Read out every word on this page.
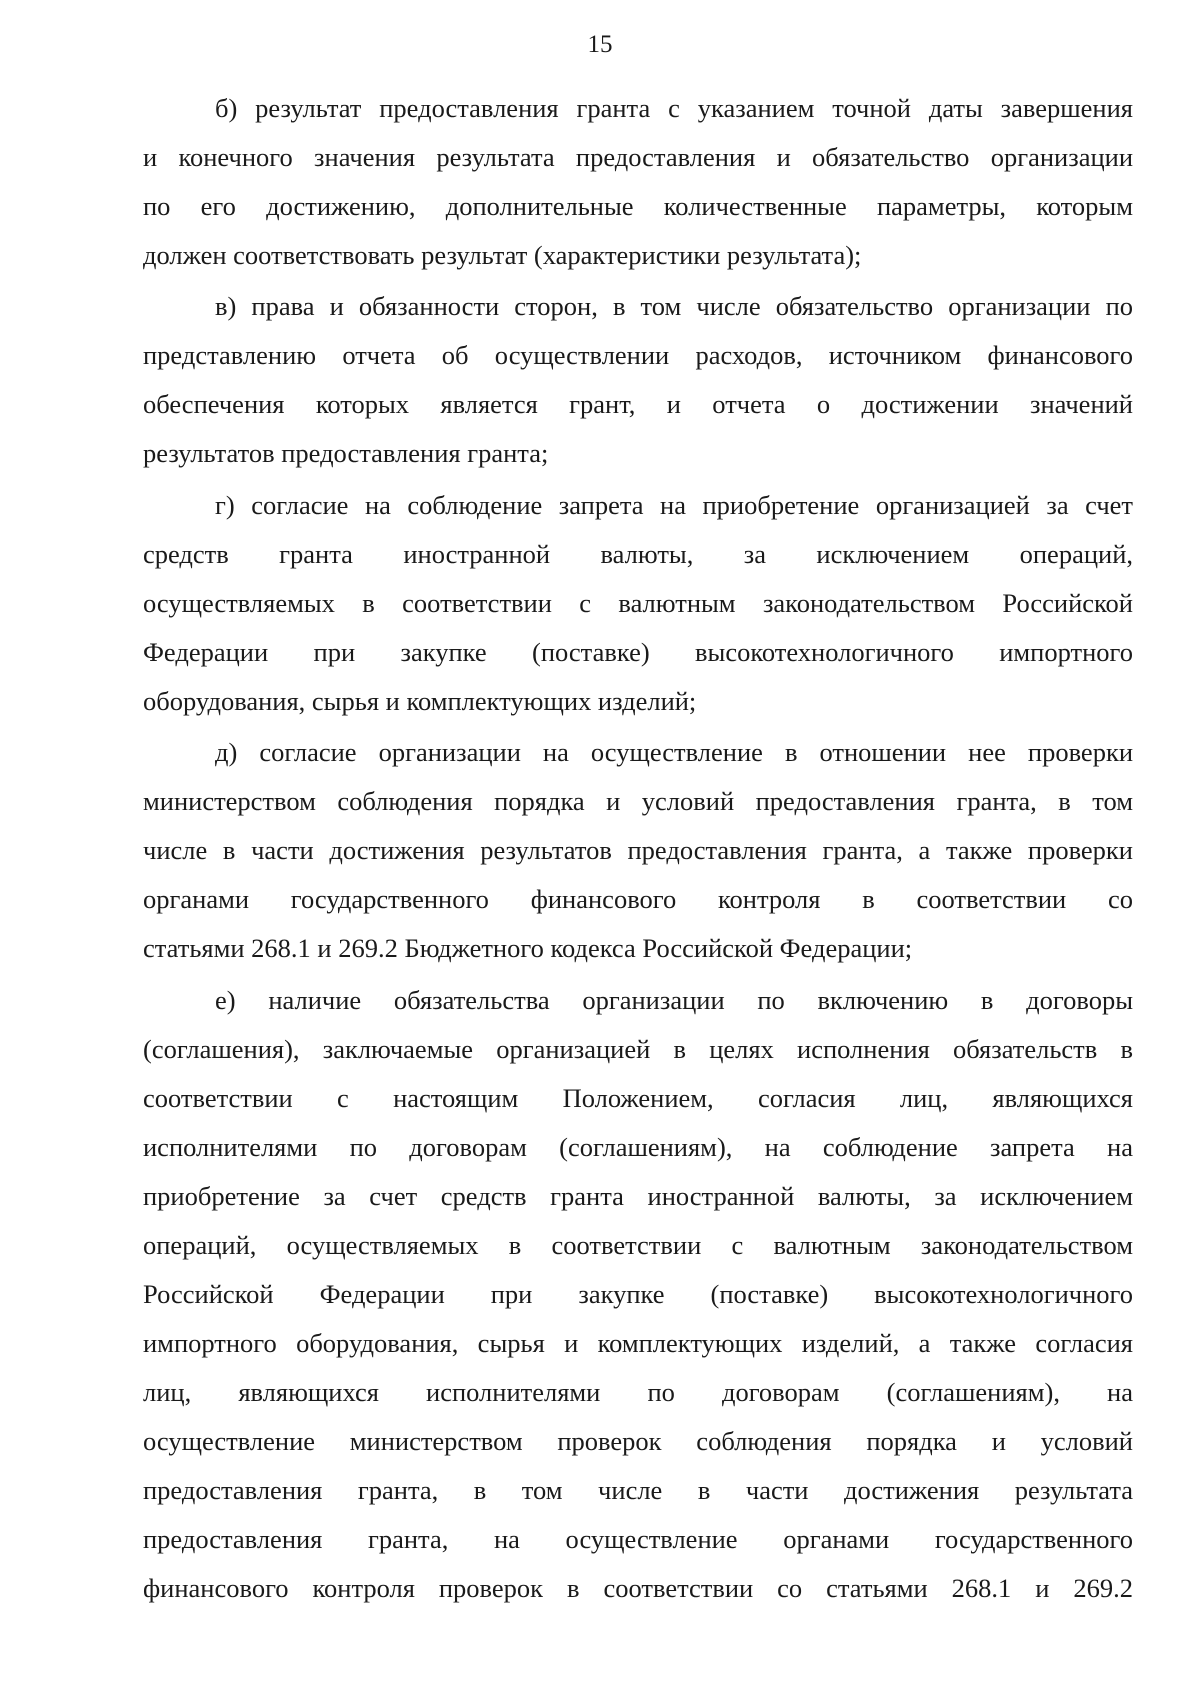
15
б) результат предоставления гранта с указанием точной даты завершения
и конечного значения результата предоставления и обязательство организации
по его достижению, дополнительные количественные параметры, которым
должен соответствовать результат (характеристики результата);
в) права и обязанности сторон, в том числе обязательство организации по
представлению отчета об осуществлении расходов, источником финансового
обеспечения которых является грант, и отчета о достижении значений
результатов предоставления гранта;
г) согласие на соблюдение запрета на приобретение организацией за счет
средств гранта иностранной валюты, за исключением операций,
осуществляемых в соответствии с валютным законодательством Российской
Федерации при закупке (поставке) высокотехнологичного импортного
оборудования, сырья и комплектующих изделий;
д) согласие организации на осуществление в отношении нее проверки
министерством соблюдения порядка и условий предоставления гранта, в том
числе в части достижения результатов предоставления гранта, а также проверки
органами государственного финансового контроля в соответствии со
статьями 268.1 и 269.2 Бюджетного кодекса Российской Федерации;
е) наличие обязательства организации по включению в договоры
(соглашения), заключаемые организацией в целях исполнения обязательств в
соответствии с настоящим Положением, согласия лиц, являющихся
исполнителями по договорам (соглашениям), на соблюдение запрета на
приобретение за счет средств гранта иностранной валюты, за исключением
операций, осуществляемых в соответствии с валютным законодательством
Российской Федерации при закупке (поставке) высокотехнологичного
импортного оборудования, сырья и комплектующих изделий, а также согласия
лиц, являющихся исполнителями по договорам (соглашениям), на
осуществление министерством проверок соблюдения порядка и условий
предоставления гранта, в том числе в части достижения результата
предоставления гранта, на осуществление органами государственного
финансового контроля проверок в соответствии со статьями 268.1 и 269.2
